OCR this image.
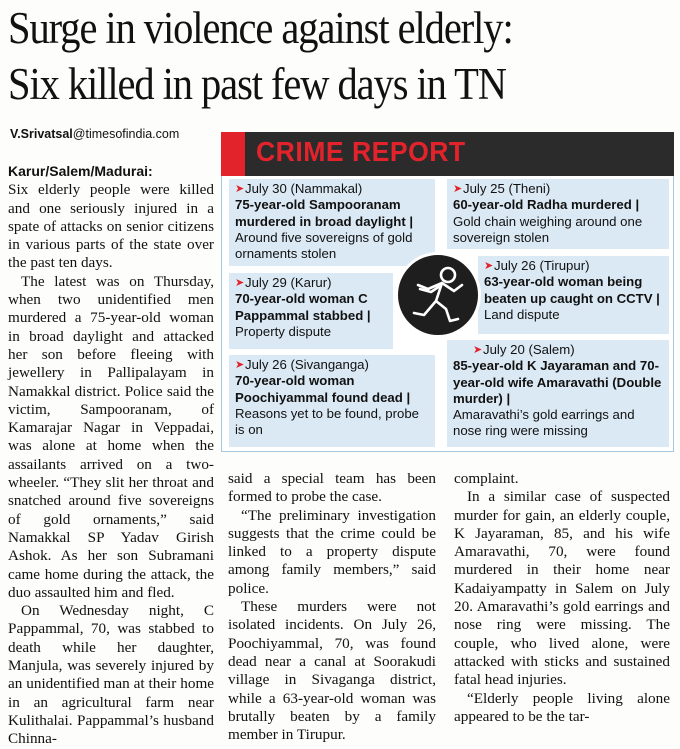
Surge in violence against elderly:
Six killed in past few days in TN
V.Srivatsal@timesofindia.com

Karur/Salem/Madurai:

Six elderly people were killed and one seriously injured in a spate of attacks on senior citizens in various parts of the state over the past ten days.

The latest was on Thursday, when two unidentified men murdered a 75-year-old woman in broad daylight and attacked her son before fleeing with jewellery in Pallipalayam in Namakkal district. Police said the victim, Sampooranam, of Kamarajar Nagar in Veppadai, was alone at home when the assailants arrived on a two-wheeler. “They slit her throat and snatched around five sovereigns of gold ornaments,” said Namakkal SP Yadav Girish Ashok. As her son Subramani came home during the attack, the duo assaulted him and fled.

On Wednesday night, C Pappammal, 70, was stabbed to death while her daughter, Manjula, was severely injured by an unidentified man at their home in an agricultural farm near Kulithalai. Pappammal’s husband Chinna-

said a special team has been formed to probe the case.

“The preliminary investigation suggests that the crime could be linked to a property dispute among family members,” said police.

These murders were not isolated incidents. On July 26, Poochiyammal, 70, was found dead near a canal at Soorakudi village in Sivaganga district, while a 63-year-old woman was brutally beaten by a family member in Tirupur.

complaint.

In a similar case of suspected murder for gain, an elderly couple, K Jayaraman, 85, and his wife Amaravathi, 70, were found murdered in their home near Kadaiyampatty in Salem on July 20. Amaravathi’s gold earrings and nose ring were missing. The couple, who lived alone, were attacked with sticks and sustained fatal head injuries.

“Elderly people living alone appeared to be the tar-

CRIME REPORT
➤ July 30 (Nammakal)
75-year-old Sampooranam murdered in broad daylight |
Around five sovereigns of gold ornaments stolen
➤ July 29 (Karur)
70-year-old woman C Pappammal stabbed |
Property dispute
➤ July 26 (Sivanganga)
70-year-old woman Poochiyammal found dead |
Reasons yet to be found, probe is on
➤ July 25 (Theni)
60-year-old Radha murdered |
Gold chain weighing around one sovereign stolen
➤ July 26 (Tirupur)
63-year-old woman being beaten up caught on CCTV |
Land dispute
➤ July 20 (Salem)
85-year-old K Jayaraman and 70-year-old wife Amaravathi (Double murder) |
Amaravathi’s gold earrings and nose ring were missing
